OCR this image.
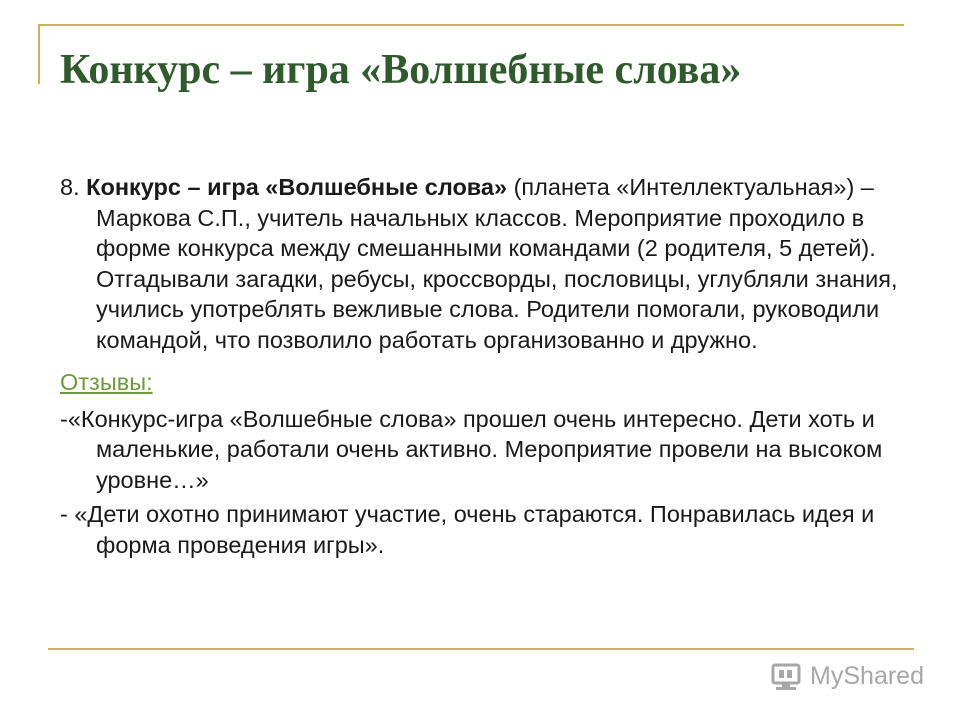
Конкурс – игра «Волшебные слова»

8. Конкурс – игра «Волшебные слова» (планета «Интеллектуальная») – Маркова С.П., учитель начальных классов. Мероприятие проходило в форме конкурса между смешанными командами (2 родителя, 5 детей). Отгадывали загадки, ребусы, кроссворды, пословицы, углубляли знания, учились употреблять вежливые слова. Родители помогали, руководили командой, что позволило работать организованно и дружно.

Отзывы:

-«Конкурс-игра «Волшебные слова» прошел очень интересно. Дети хоть и маленькие, работали очень активно. Мероприятие провели на высоком уровне…»

- «Дети охотно принимают участие, очень стараются. Понравилась идея и форма проведения игры».

MyShared
